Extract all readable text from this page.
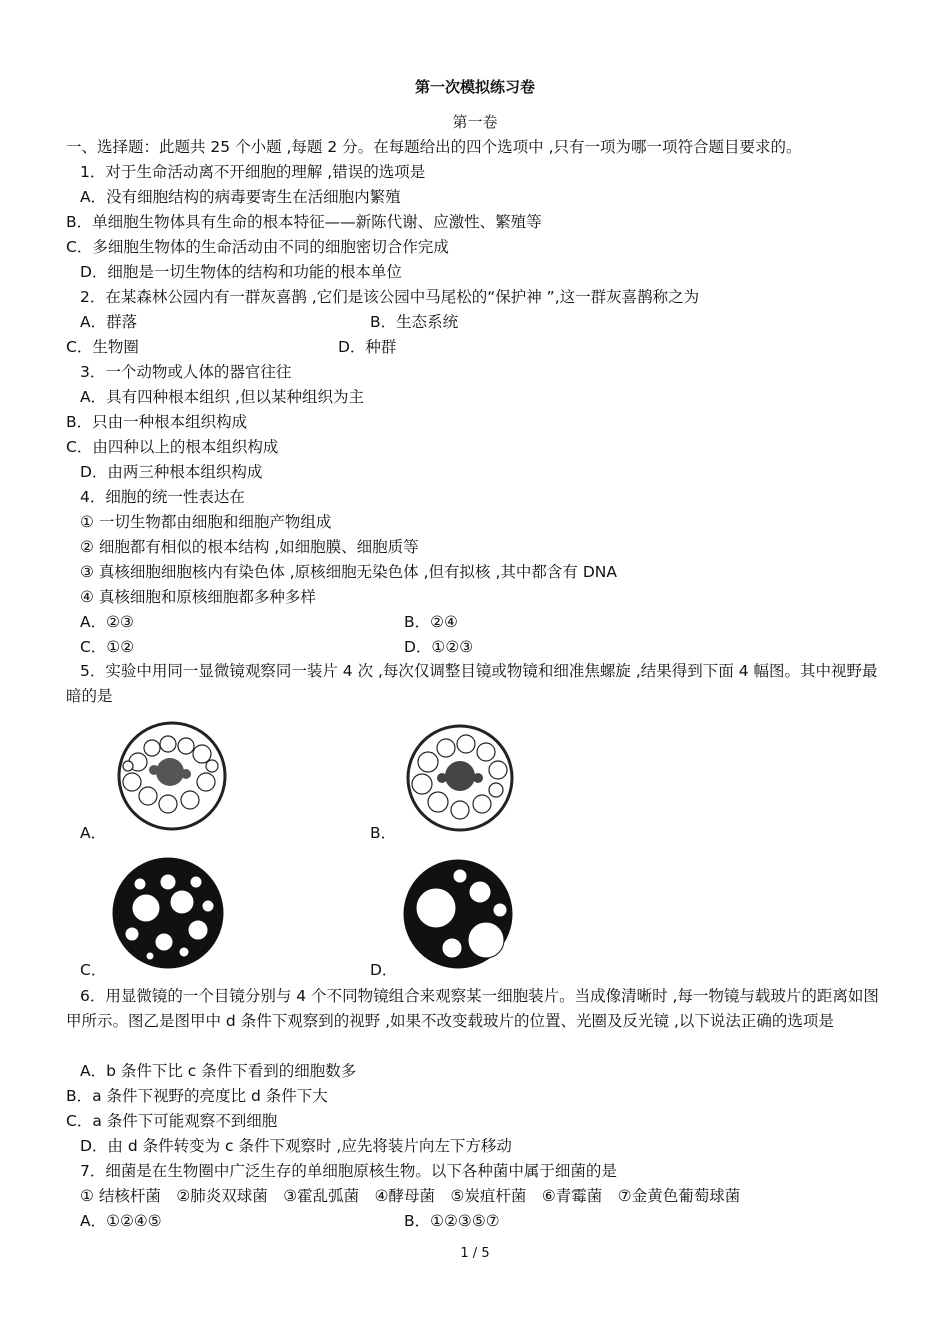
第一次模拟练习卷
第一卷
一、选择题：此题共 25 个小题 ,每题 2 分。在每题给出的四个选项中 ,只有一项为哪一项符合题目要求的。
1．对于生命活动离不开细胞的理解 ,错误的选项是
A．没有细胞结构的病毒要寄生在活细胞内繁殖
B．单细胞生物体具有生命的根本特征——新陈代谢、应激性、繁殖等
C．多细胞生物体的生命活动由不同的细胞密切合作完成
D．细胞是一切生物体的结构和功能的根本单位
2．在某森林公园内有一群灰喜鹊 ,它们是该公园中马尾松的“保护神 ”,这一群灰喜鹊称之为
A．群落	B．生态系统
C．生物圈	D．种群
3．一个动物或人体的器官往往
A．具有四种根本组织 ,但以某种组织为主
B．只由一种根本组织构成
C．由四种以上的根本组织构成
D．由两三种根本组织构成
4．细胞的统一性表达在
① 一切生物都由细胞和细胞产物组成
② 细胞都有相似的根本结构 ,如细胞膜、细胞质等
③ 真核细胞细胞核内有染色体 ,原核细胞无染色体 ,但有拟核 ,其中都含有 DNA
④ 真核细胞和原核细胞都多种多样
A．②③	B．②④
C．①②	D．①②③
5．实验中用同一显微镜观察同一装片 4 次 ,每次仅调整目镜或物镜和细准焦螺旋 ,结果得到下面 4 幅图。其中视野最暗的是
A．	B．
C．	D．
6．用显微镜的一个目镜分别与 4 个不同物镜组合来观察某一细胞装片。当成像清晰时 ,每一物镜与载玻片的距离如图甲所示。图乙是图甲中 d 条件下观察到的视野 ,如果不改变载玻片的位置、光圈及反光镜 ,以下说法正确的选项是
A．b 条件下比 c 条件下看到的细胞数多
B．a 条件下视野的亮度比 d 条件下大
C．a 条件下可能观察不到细胞
D．由 d 条件转变为 c 条件下观察时 ,应先将装片向左下方移动
7．细菌是在生物圈中广泛生存的单细胞原核生物。以下各种菌中属于细菌的是
① 结核杆菌　②肺炎双球菌　③霍乱弧菌　④酵母菌　⑤炭疽杆菌　⑥青霉菌　⑦金黄色葡萄球菌
A．①②④⑤	B．①②③⑤⑦
1 / 5
